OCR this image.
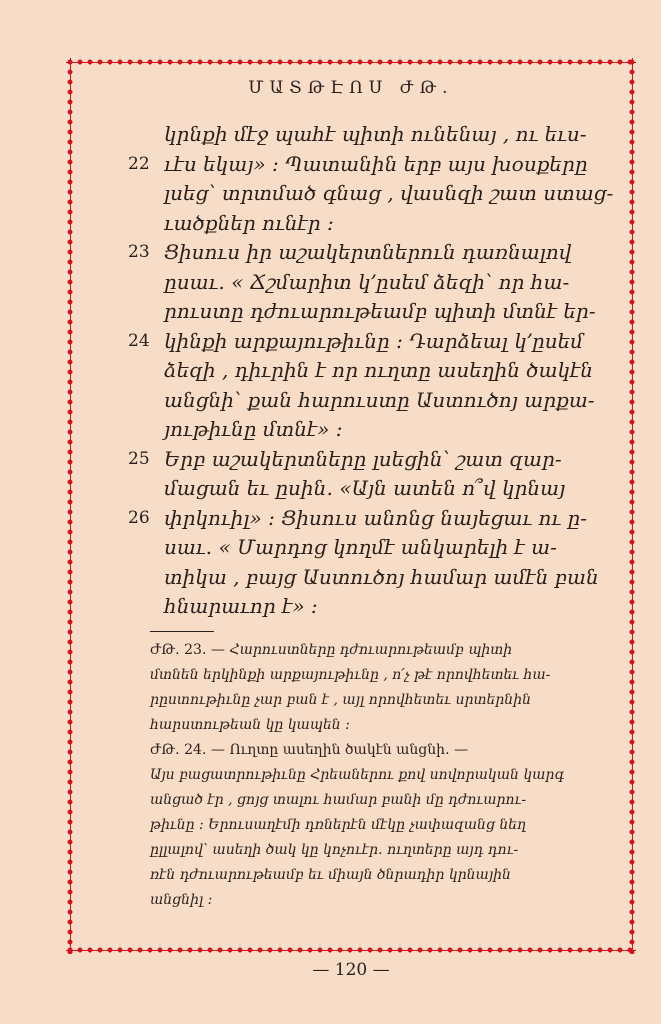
ՄԱՏԹԷՈՍ ԺԹ․
22
23
24
25
26
կրնքի մէջ պահէ պիտի ունենայ , ու եւս-
ւէս եկայ» ։ Պատանին երբ այս խօսքերը
լսեց՝ տրտմած գնաց , վասնզի շատ ստաց-
ւածքներ ունէր ։
Ցիսուս իր աշակերտներուն դառնալով
ըսաւ․ « Ճշմարիտ կ՚ըսեմ ձեզի՝ որ հա-
րուստը դժուարութեամբ պիտի մտնէ եր-
կինքի արքայութիւնը ։ Դարձեալ կ՚ըսեմ
ձեզի , դիւրին է որ ուղտը ասեղին ծակէն
անցնի՝ քան հարուստը Աստուծոյ արքա-
յութիւնը մտնէ» ։
Երբ աշակերտները լսեցին՝ շատ զար-
մացան եւ ըսին․ «Այն ատեն ո՞վ կրնայ
փրկուիլ» ։ Ցիսուս անոնց նայեցաւ ու ը-
սաւ․ « Մարդոց կողմէ անկարելի է ա-
տիկա , բայց Աստուծոյ համար ամէն բան
հնարաւոր է» ։
ԺԹ․ 23․ — Հարուստները դժուարութեամբ պիտի
մտնեն երկինքի արքայութիւնը , ո՛չ թէ որովհետեւ հա-
րըստութիւնը չար բան է , այլ որովհետեւ սրտերնին
հարստութեան կը կապեն ։
ԺԹ․ 24․ — Ուղտը ասեղին ծակէն անցնի․ —
Այս բացատրութիւնը Հրեաներու քով սովորական կարգ
անցած էր , ցոյց տալու համար բանի մը դժուարու-
թիւնը ։ Երուսաղէմի դռներէն մէկը չափազանց նեղ
ըլլալով՝ ասեղի ծակ կը կոչուէր․ ուղտերը այդ դու-
ռէն դժուարութեամբ եւ միայն ծնրադիր կրնային
անցնիլ ։
— 120 —
